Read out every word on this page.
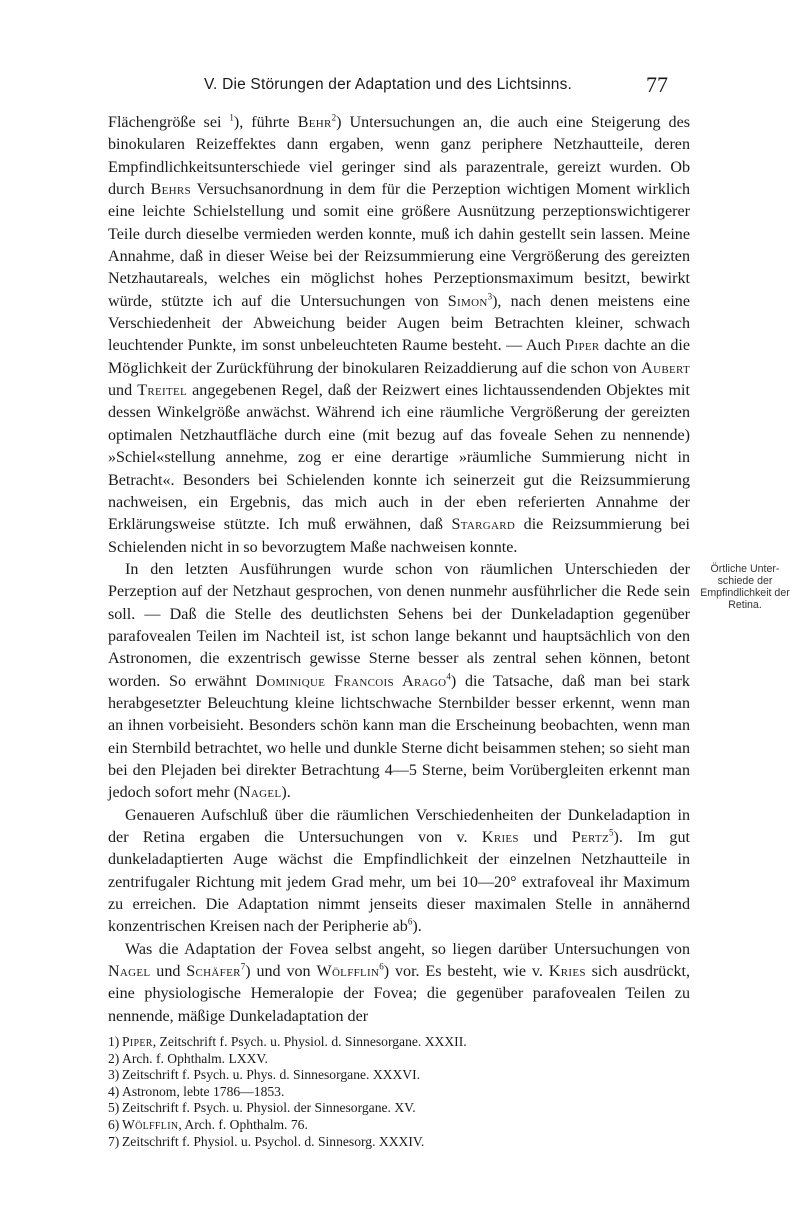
V. Die Störungen der Adaptation und des Lichtsinns.	77

Flächengröße sei $^1$), führte Behr$^2$) Untersuchungen an, die auch eine Steigerung des binokularen Reizeffektes dann ergaben, wenn ganz periphere Netzhautteile, deren Empfindlichkeitsunterschiede viel geringer sind als parazentrale, gereizt wurden. Ob durch Behrs Versuchsanordnung in dem für die Perzeption wichtigen Moment wirklich eine leichte Schielstellung und somit eine größere Ausnützung perzeptionswichtigerer Teile durch dieselbe vermieden werden konnte, muß ich dahin gestellt sein lassen. Meine Annahme, daß in dieser Weise bei der Reizsummierung eine Vergrößerung des gereizten Netzhautareals, welches ein möglichst hohes Perzeptionsmaximum besitzt, bewirkt würde, stützte ich auf die Untersuchungen von Simon$^3$), nach denen meistens eine Verschiedenheit der Abweichung beider Augen beim Betrachten kleiner, schwach leuchtender Punkte, im sonst unbeleuchteten Raume besteht. — Auch Piper dachte an die Möglichkeit der Zurückführung der binokularen Reizaddierung auf die schon von Aubert und Treitel angegebenen Regel, daß der Reizwert eines lichtaussendenden Objektes mit dessen Winkelgröße anwächst. Während ich eine räumliche Vergrößerung der gereizten optimalen Netzhautfläche durch eine (mit bezug auf das foveale Sehen zu nennende) »Schiel«stellung annehme, zog er eine derartige »räumliche Summierung nicht in Betracht«. Besonders bei Schielenden konnte ich seinerzeit gut die Reizsummierung nachweisen, ein Ergebnis, das mich auch in der eben referierten Annahme der Erklärungsweise stützte. Ich muß erwähnen, daß Stargard die Reizsummierung bei Schielenden nicht in so bevorzugtem Maße nachweisen konnte.

In den letzten Ausführungen wurde schon von räumlichen Unterschieden der Perzeption auf der Netzhaut gesprochen, von denen nunmehr ausführlicher die Rede sein soll. — Daß die Stelle des deutlichsten Sehens bei der Dunkeladaption gegenüber parafovealen Teilen im Nachteil ist, ist schon lange bekannt und hauptsächlich von den Astronomen, die exzentrisch gewisse Sterne besser als zentral sehen können, betont worden. So erwähnt Dominique Francois Arago$^4$) die Tatsache, daß man bei stark herabgesetzter Beleuchtung kleine lichtschwache Sternbilder besser erkennt, wenn man an ihnen vorbeisieht. Besonders schön kann man die Erscheinung beobachten, wenn man ein Sternbild betrachtet, wo helle und dunkle Sterne dicht beisammen stehen; so sieht man bei den Plejaden bei direkter Betrachtung 4—5 Sterne, beim Vorübergleiten erkennt man jedoch sofort mehr (Nagel).

Genaueren Aufschluß über die räumlichen Verschiedenheiten der Dunkeladaption in der Retina ergaben die Untersuchungen von v. Kries und Pertz$^5$). Im gut dunkeladaptierten Auge wächst die Empfindlichkeit der einzelnen Netzhautteile in zentrifugaler Richtung mit jedem Grad mehr, um bei 10—20° extrafoveal ihr Maximum zu erreichen. Die Adaptation nimmt jenseits dieser maximalen Stelle in annähernd konzentrischen Kreisen nach der Peripherie $ab^6$).

Was die Adaptation der Fovea selbst angeht, so liegen darüber Untersuchungen von Nagel und Schäfer$^7$) und von Wölfflin$^6$) vor. Es besteht, wie v. Kries sich ausdrückt, eine physiologische Hemeralopie der Fovea; die gegenüber parafovealen Teilen zu nennende, mäßige Dunkeladaptation der

Örtliche Unterschiede der Empfindlichkeit der Retina.

1) Piper, Zeitschrift f. Psych. u. Physiol. d. Sinnesorgane. XXXII.

2) Arch. f. Ophthalm. LXXV.

3) Zeitschrift f. Psych. u. Phys. d. Sinnesorgane. XXXVI.

4) Astronom, lebte 1786—1853.

5) Zeitschrift f. Psych. u. Physiol. der Sinnesorgane. XV.

6) Wölfflin, Arch. f. Ophthalm. 76.

7) Zeitschrift f. Physiol. u. Psychol. d. Sinnesorg. XXXIV.
